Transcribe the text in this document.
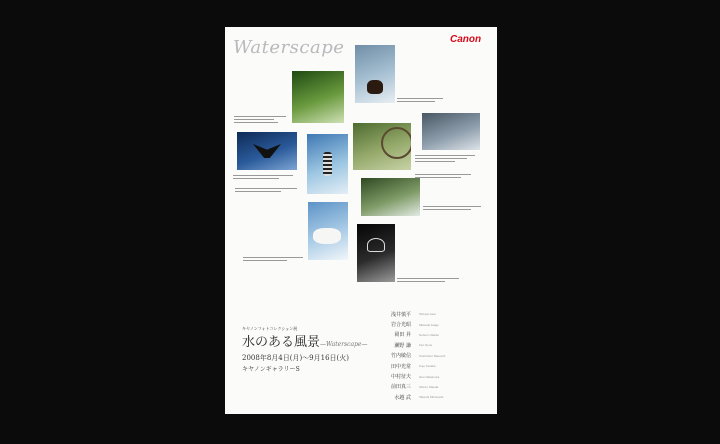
Waterscape	Canon
キヤノンフォトコレクション展
水のある風景—Waterscape—
2008年8月4日(月)〜9月16日(火)
キヤノンギャラリーS
浅井慎平	Shinpei Asai
岩合光昭	Mitsuaki Iwago
岡田 昇	Noboru Okada
瀬野 謙	Ken Seno
竹内敏信	Toshinobu Takeuchi
田中光常	Kojo Tanaka
中村征夫	Ikuo Nakamura
前田真三	Shinzo Maeda
水越 武	Takeshi Mizukoshi
